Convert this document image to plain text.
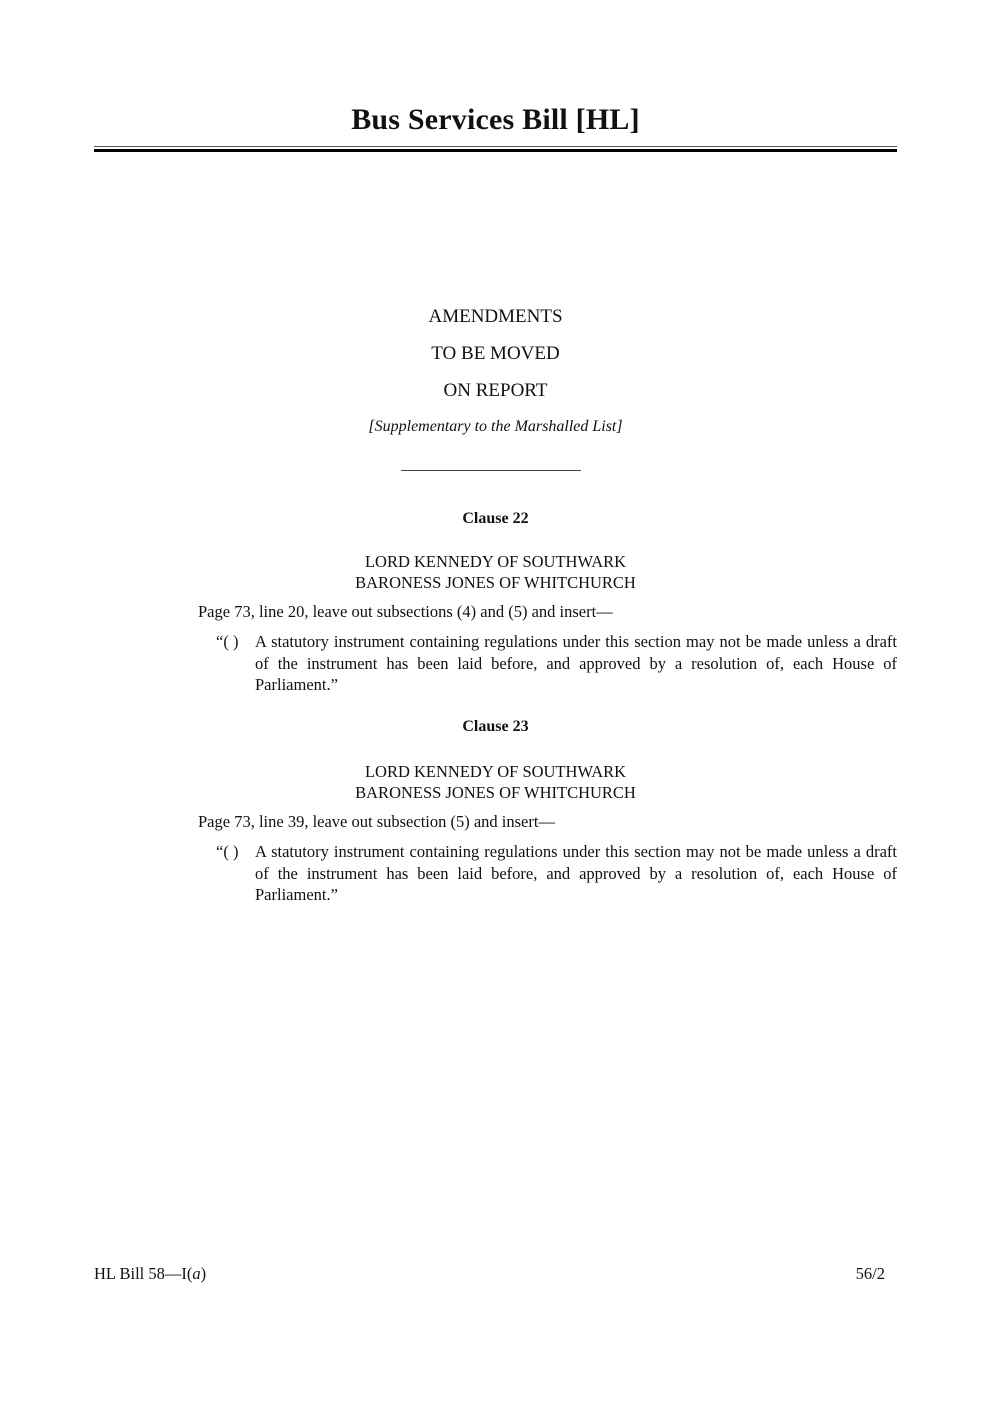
Bus Services Bill [HL]
AMENDMENTS
TO BE MOVED
ON REPORT
[Supplementary to the Marshalled List]
Clause 22
LORD KENNEDY OF SOUTHWARK
BARONESS JONES OF WHITCHURCH
Page 73, line 20, leave out subsections (4) and (5) and insert—
“( ) A statutory instrument containing regulations under this section may not be made unless a draft of the instrument has been laid before, and approved by a resolution of, each House of Parliament.”
Clause 23
LORD KENNEDY OF SOUTHWARK
BARONESS JONES OF WHITCHURCH
Page 73, line 39, leave out subsection (5) and insert—
“( ) A statutory instrument containing regulations under this section may not be made unless a draft of the instrument has been laid before, and approved by a resolution of, each House of Parliament.”
HL Bill 58—I(a)	56/2
